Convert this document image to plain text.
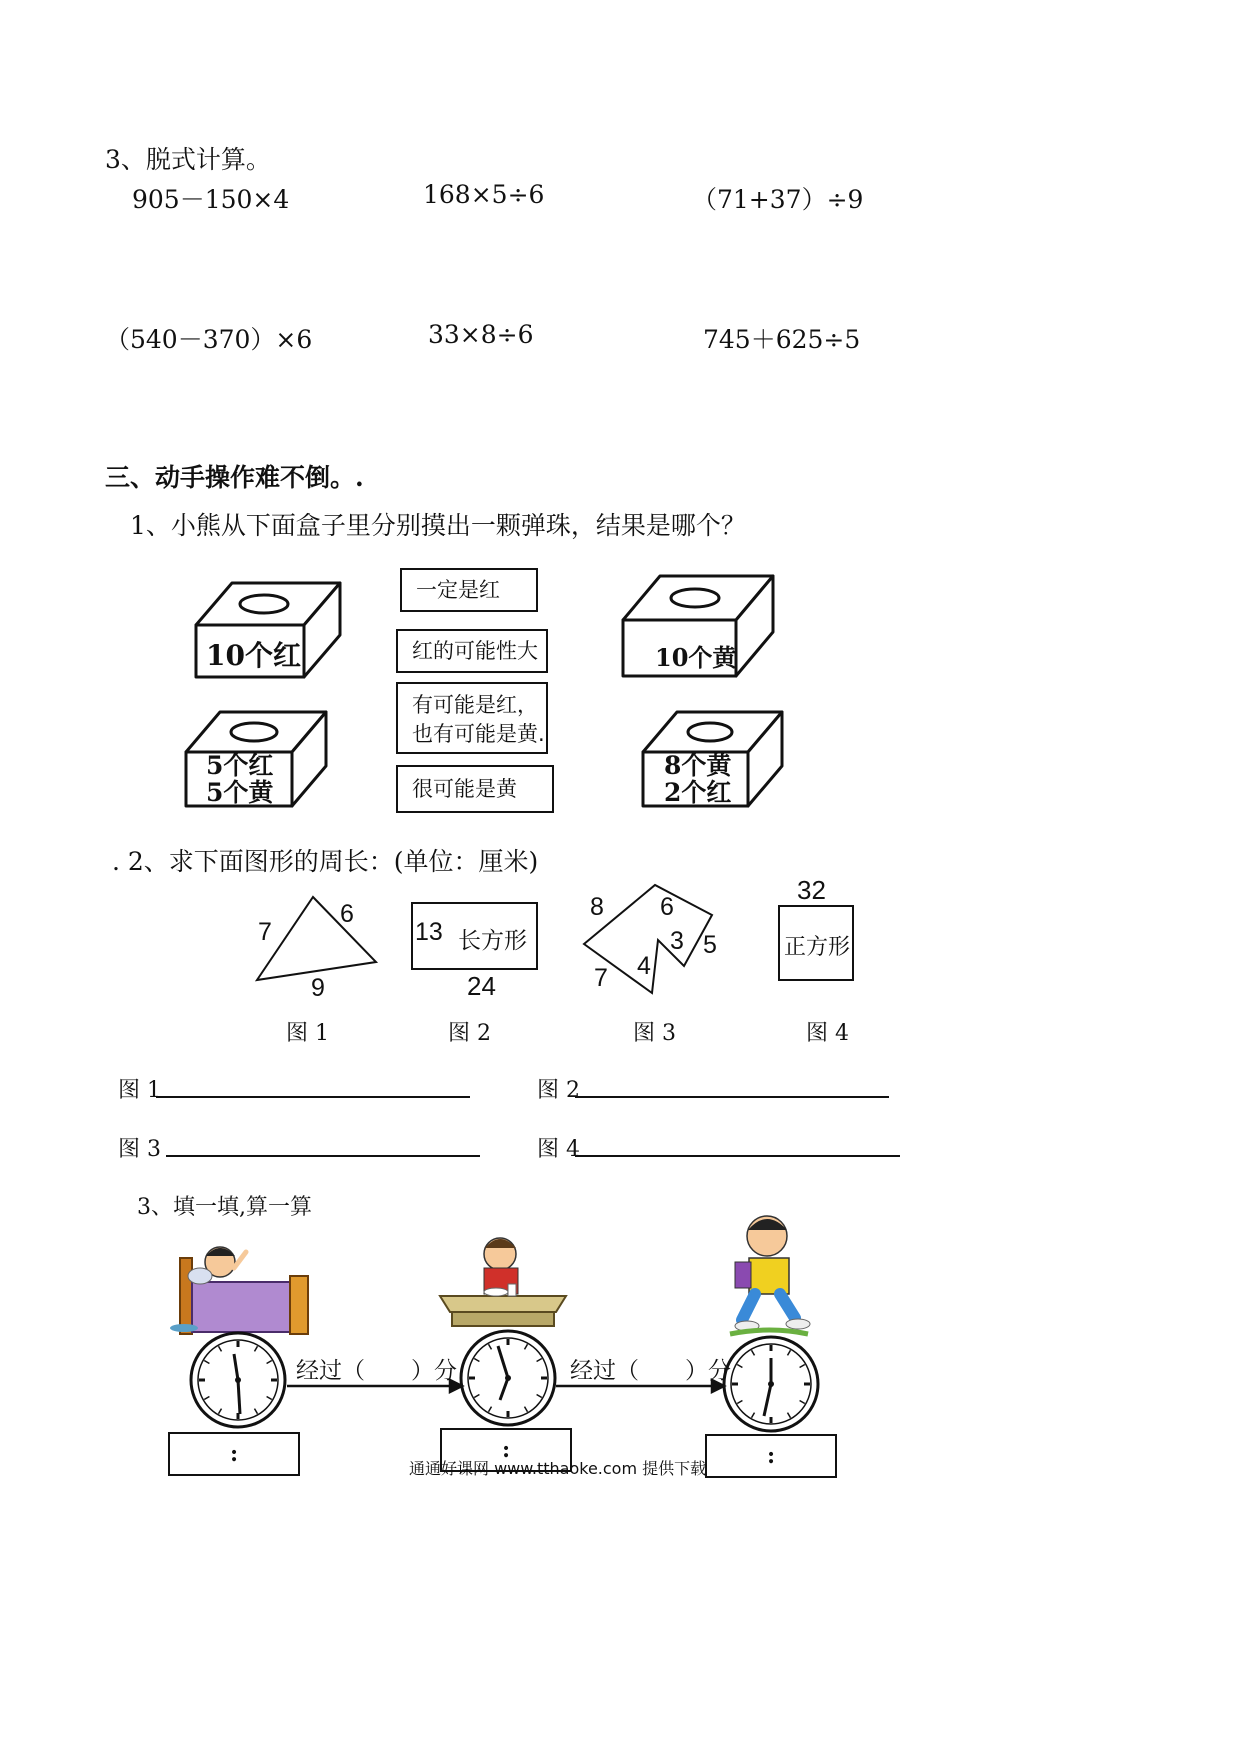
3、脱式计算。
905－150×4	168×5÷6	（71+37）÷9
（540－370）×6	33×8÷6	745＋625÷5
三、动手操作难不倒。.
1、小熊从下面盒子里分别摸出一颗弹珠，结果是哪个？
10个红	10个黄
5个红
5个黄
8个黄
2个红
一定是红
红的可能性大
有可能是红，
也有可能是黄.
很可能是黄
. 2、求下面图形的周长：(单位：厘米)
7
6
9
13 长方形
24
8 6
3 5
4
7
32
正方形
图 1	图 2	图 3	图 4
图 1	图 2
图 3	图 4
3、填一填,算一算
经过（　　）分	经过（　　）分
:	:	:
通通好课网 www.tthaoke.com 提供下载
